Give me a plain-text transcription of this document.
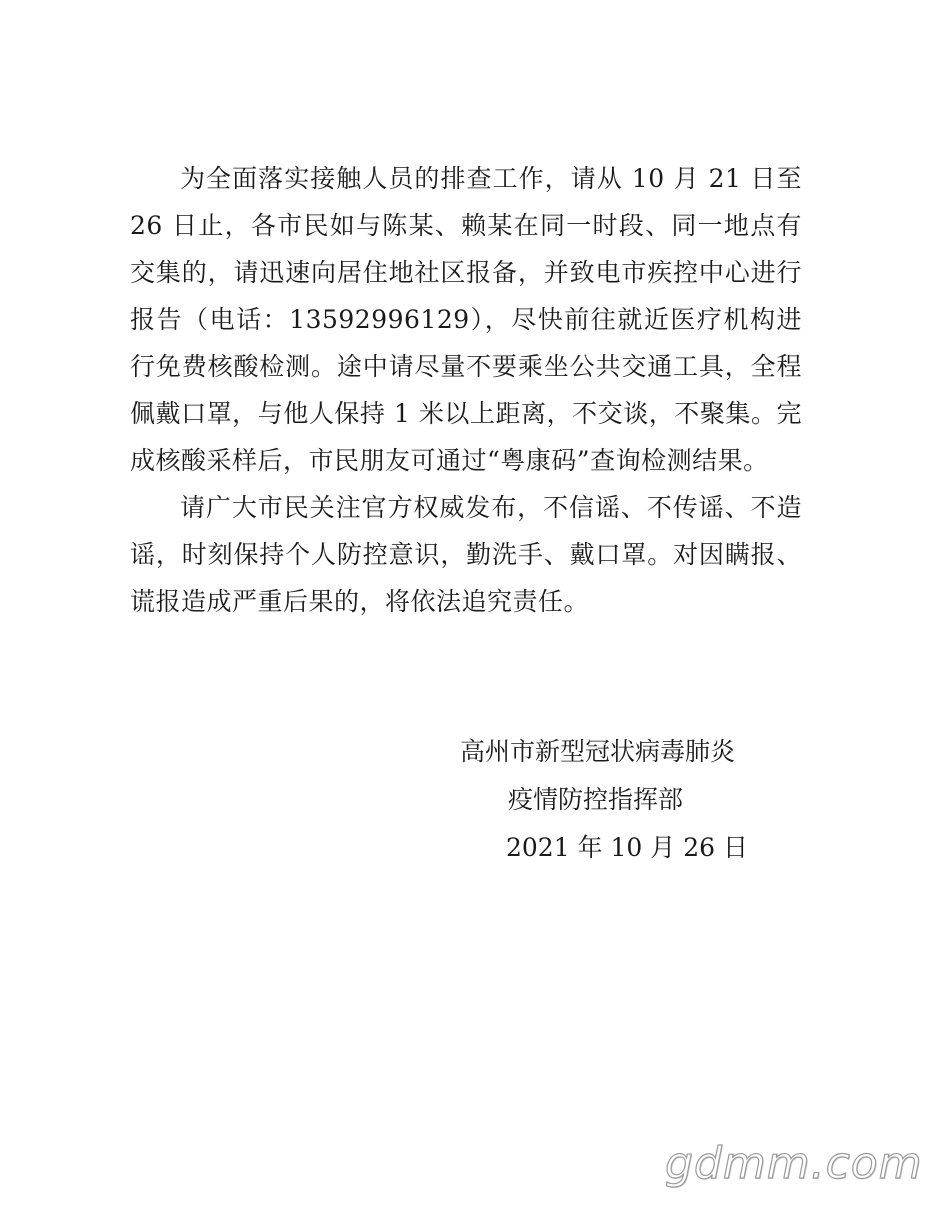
为全面落实接触人员的排查工作，请从 10 月 21 日至 26 日止，各市民如与陈某、赖某在同一时段、同一地点有交集的，请迅速向居住地社区报备，并致电市疾控中心进行报告（电话：13592996129），尽快前往就近医疗机构进行免费核酸检测。途中请尽量不要乘坐公共交通工具，全程佩戴口罩，与他人保持 1 米以上距离，不交谈，不聚集。完成核酸采样后，市民朋友可通过“粤康码”查询检测结果。

请广大市民关注官方权威发布，不信谣、不传谣、不造谣，时刻保持个人防控意识，勤洗手、戴口罩。对因瞒报、谎报造成严重后果的，将依法追究责任。

高州市新型冠状病毒肺炎
疫情防控指挥部
2021 年 10 月 26 日
gdmm.com
